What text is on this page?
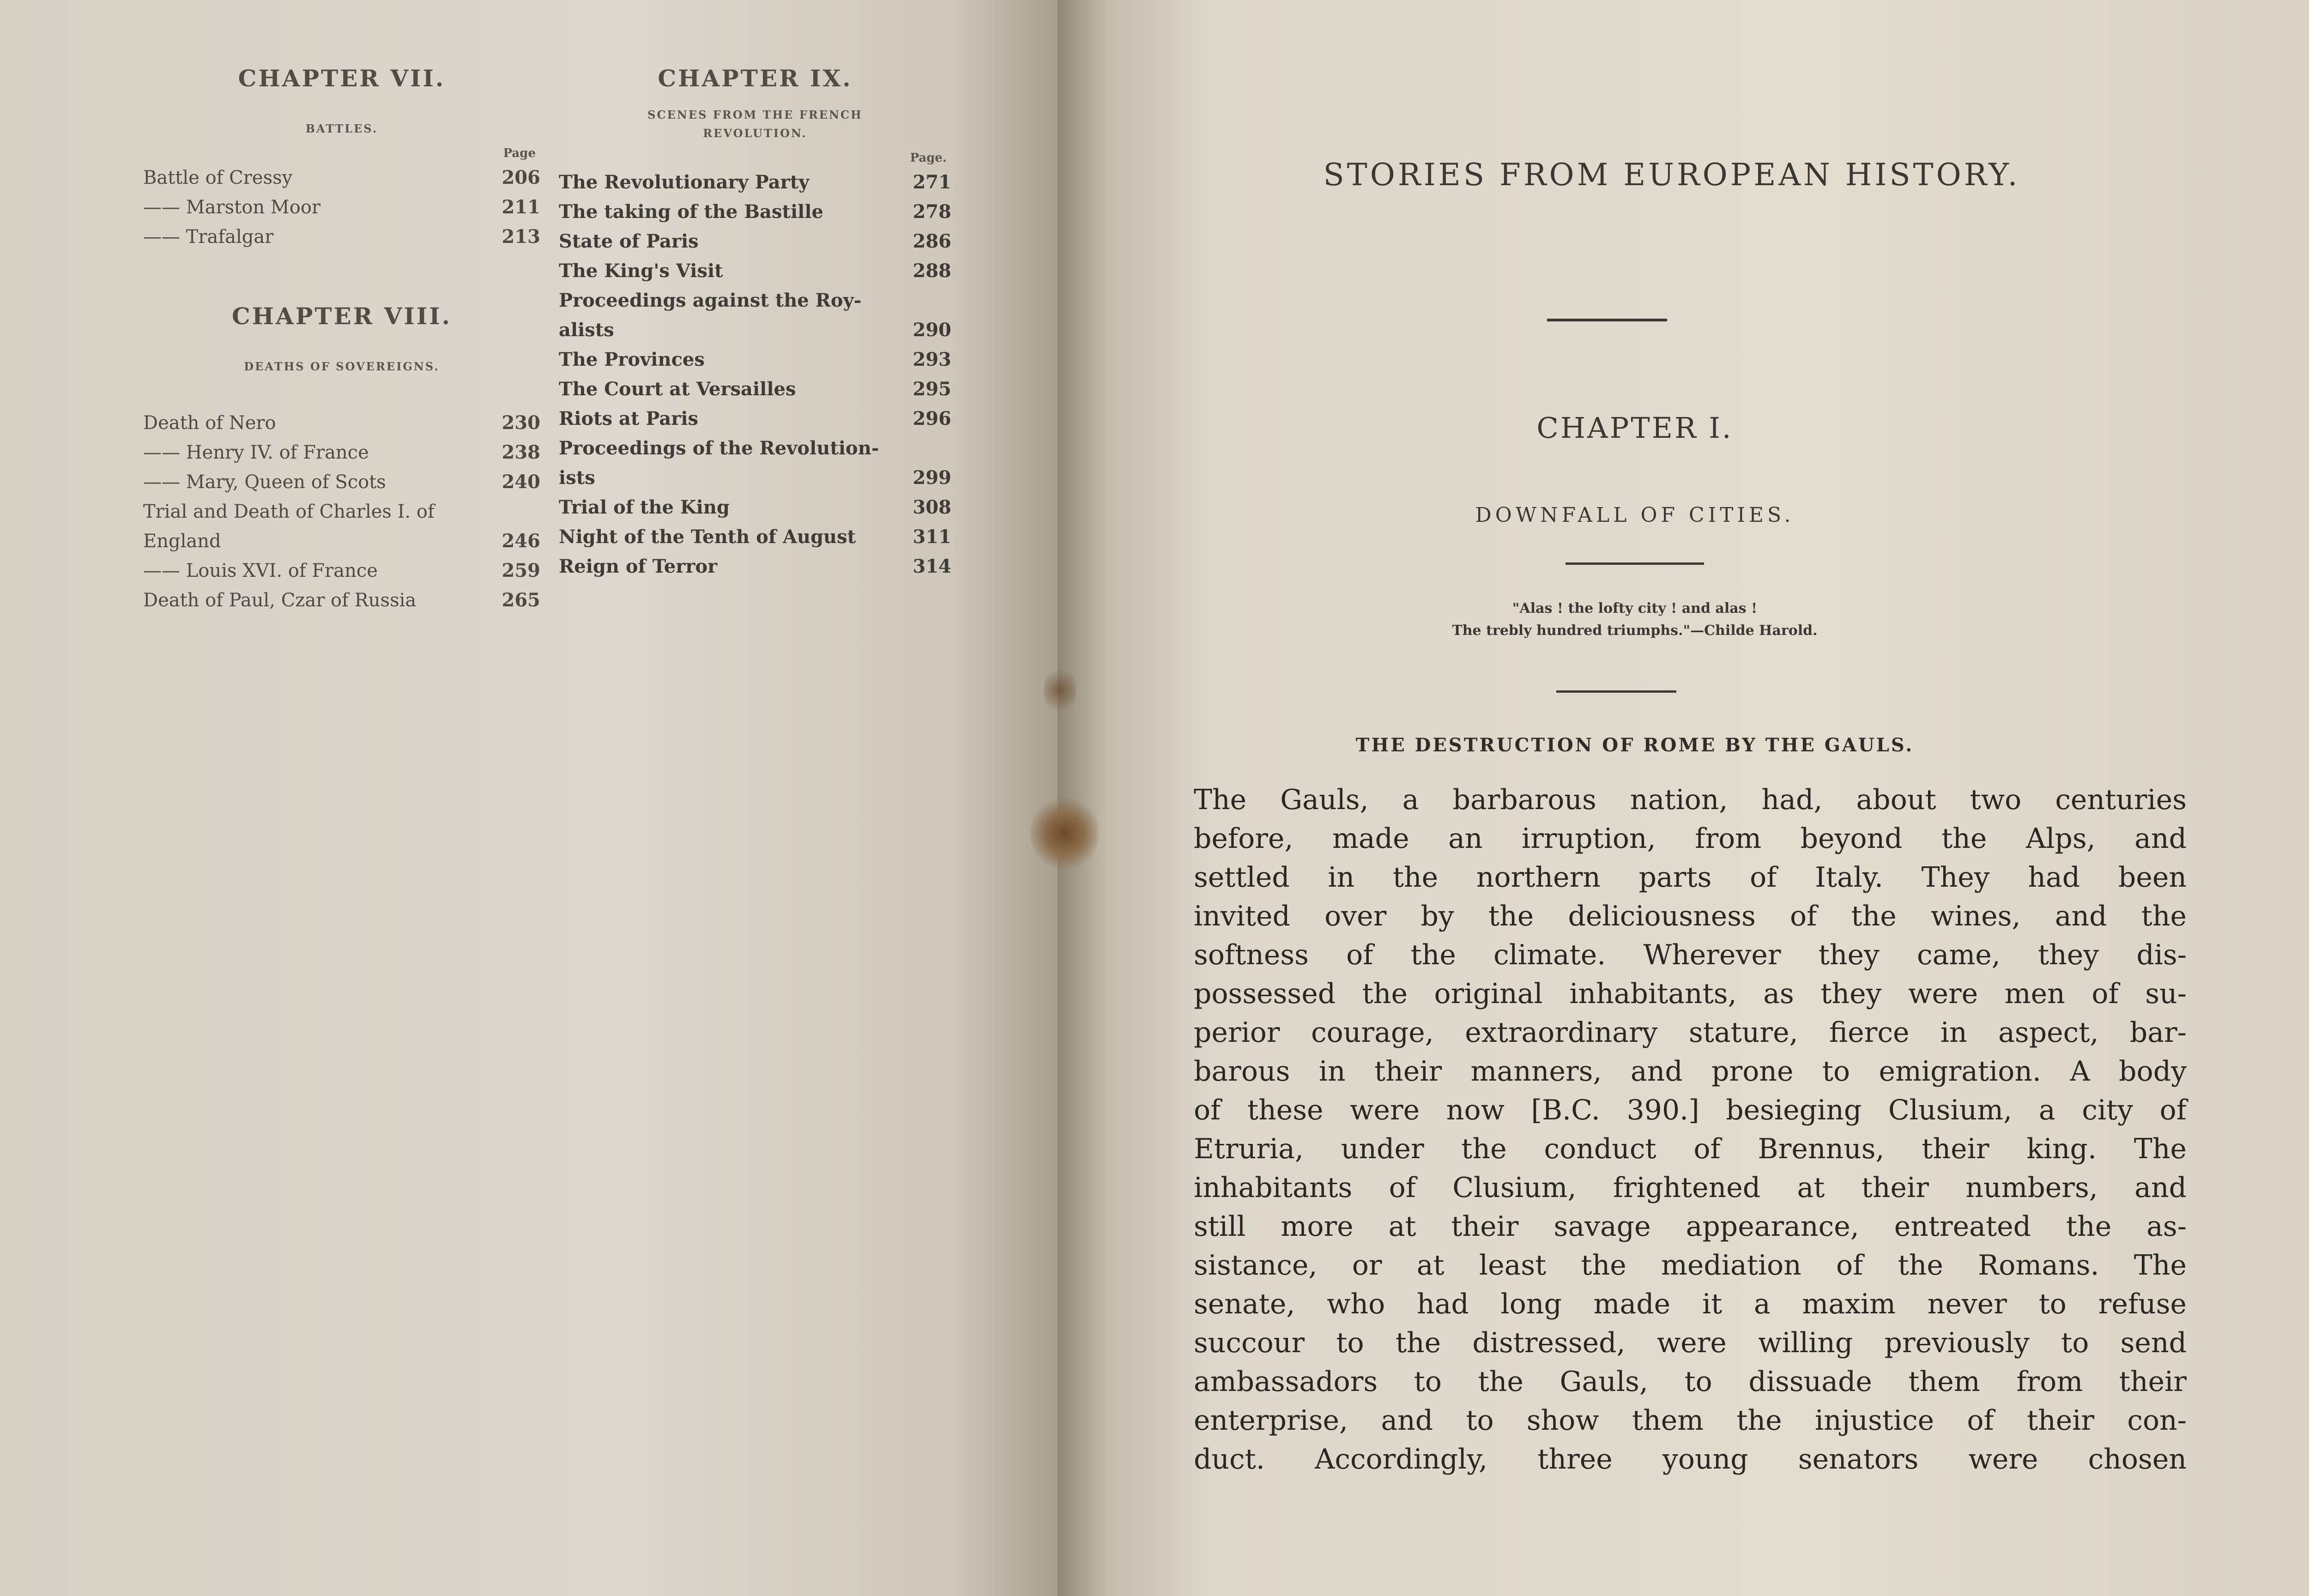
CHAPTER VII.
BATTLES.
Page
Battle of Cressy	206
—— Marston Moor	211
—— Trafalgar	213
CHAPTER VIII.
DEATHS OF SOVEREIGNS.
Death of Nero	230
—— Henry IV. of France	238
—— Mary, Queen of Scots	240
Trial and Death of Charles I. of
England	246
—— Louis XVI. of France	259
Death of Paul, Czar of Russia	265
CHAPTER IX.
SCENES FROM THE FRENCH
REVOLUTION.
Page.
The Revolutionary Party	271
The taking of the Bastille	278
State of Paris	286
The King's Visit	288
Proceedings against the Roy-
alists	290
The Provinces	293
The Court at Versailles	295
Riots at Paris	296
Proceedings of the Revolution-
ists	299
Trial of the King	308
Night of the Tenth of August	311
Reign of Terror	314
STORIES FROM EUROPEAN HISTORY.
CHAPTER I.
DOWNFALL OF CITIES.
"Alas ! the lofty city ! and alas !
The trebly hundred triumphs."—Childe Harold.
THE DESTRUCTION OF ROME BY THE GAULS.
The Gauls, a barbarous nation, had, about two centuries
before, made an irruption, from beyond the Alps, and
settled in the northern parts of Italy. They had been
invited over by the deliciousness of the wines, and the
softness of the climate. Wherever they came, they dis-
possessed the original inhabitants, as they were men of su-
perior courage, extraordinary stature, fierce in aspect, bar-
barous in their manners, and prone to emigration. A body
of these were now [B.C. 390.] besieging Clusium, a city of
Etruria, under the conduct of Brennus, their king. The
inhabitants of Clusium, frightened at their numbers, and
still more at their savage appearance, entreated the as-
sistance, or at least the mediation of the Romans. The
senate, who had long made it a maxim never to refuse
succour to the distressed, were willing previously to send
ambassadors to the Gauls, to dissuade them from their
enterprise, and to show them the injustice of their con-
duct. Accordingly, three young senators were chosen
